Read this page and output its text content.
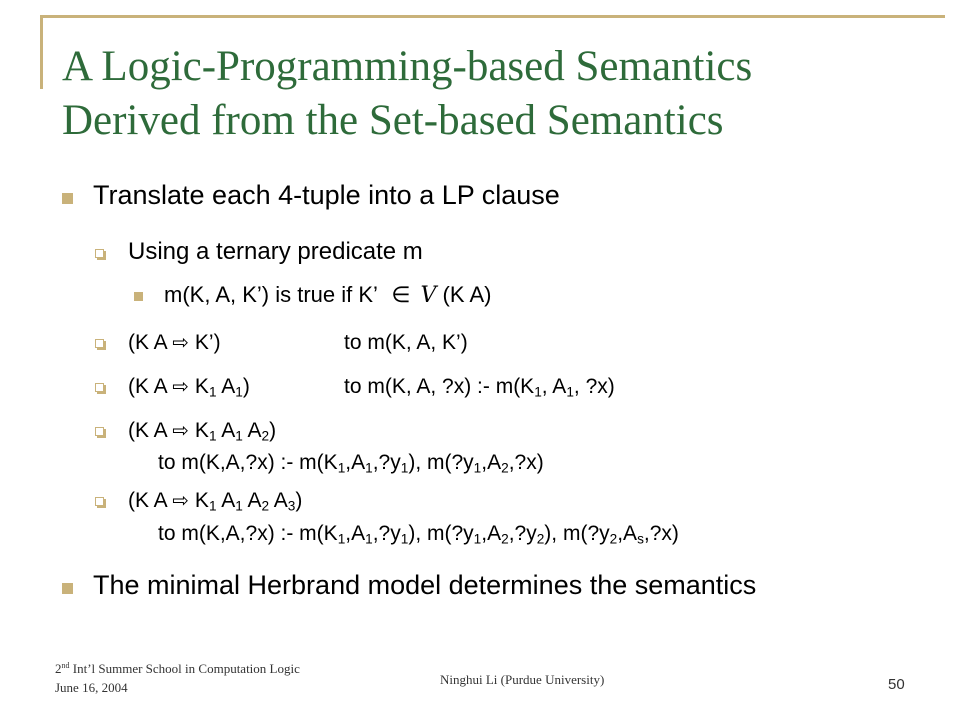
A Logic-Programming-based Semantics
Derived from the Set-based Semantics
Translate each 4-tuple into a LP clause
Using a ternary predicate m
m(K, A, K’) is true if K’ ∈ V (K A)
(K A ⇨ K’)	to m(K, A, K’)
(K A ⇨ $K_1$ $A_1$)	to m(K, A, ?x) :- $m(K_1$, $A_1$, ?x)
(K A ⇨ $K_1$ $A_1$ $A_2$)
to m(K,A,?x) :- $m(K_1,A_1,?y_1)$, $m(?y_1,A_2,?x)$
(K A ⇨ $K_1$ $A_1$ $A_2$ $A_3$)
to m(K,A,?x) :- $m(K_1,A_1,?y_1)$, $m(?y_1,A_2,?y_2)$, $m(?y_2,A_s,?x)$
The minimal Herbrand model determines the semantics
2nd Int’l Summer School in Computation Logic
June 16, 2004
Ninghui Li (Purdue University)	50
